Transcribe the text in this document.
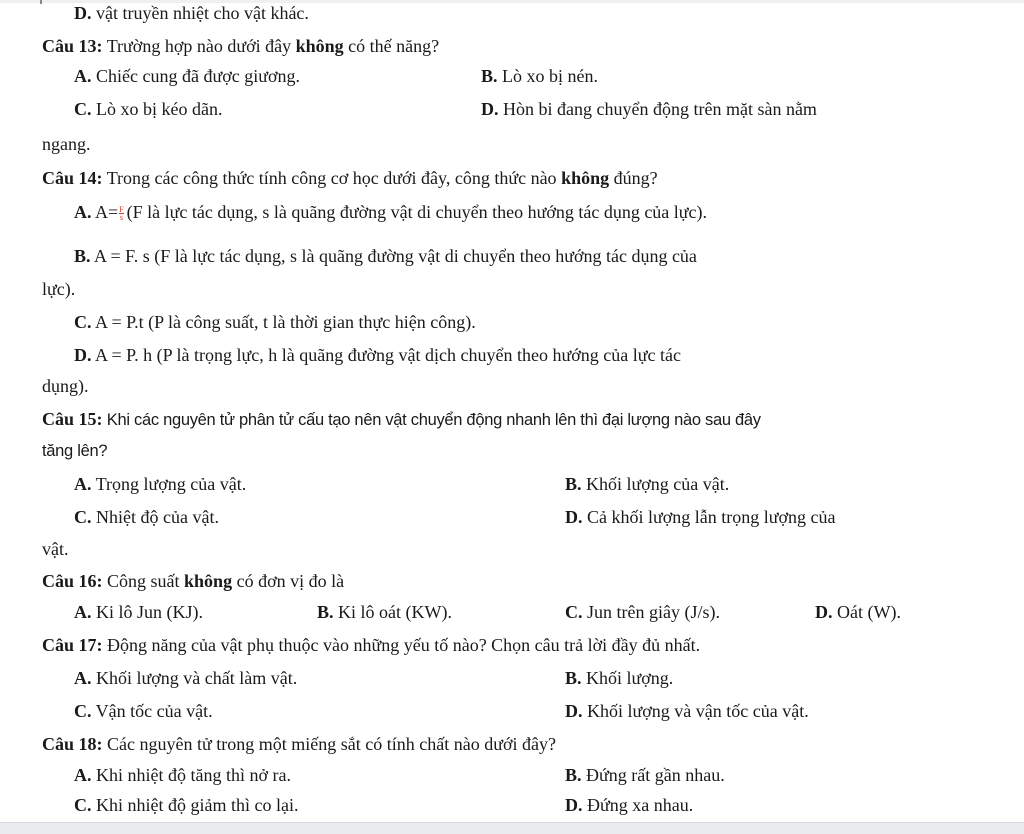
D. vật truyền nhiệt cho vật khác.
Câu 13: Trường hợp nào dưới đây không có thế năng?
A. Chiếc cung đã được giương.	B. Lò xo bị nén.
C. Lò xo bị kéo dãn.	D. Hòn bi đang chuyển động trên mặt sàn nằm
ngang.
Câu 14: Trong các công thức tính công cơ học dưới đây, công thức nào không đúng?
A. $A= \frac{F}{s} (F$ là lực tác dụng, s là quãng đường vật di chuyển theo hướng tác dụng của lực).
B. A = F. s (F là lực tác dụng, s là quãng đường vật di chuyển theo hướng tác dụng của
lực).
C. A = P.t (P là công suất, t là thời gian thực hiện công).
D. A = P. h (P là trọng lực, h là quãng đường vật dịch chuyển theo hướng của lực tác
dụng).
Câu 15: Khi các nguyên tử phân tử cấu tạo nên vật chuyển động nhanh lên thì đại lượng nào sau đây
tăng lên?
A. Trọng lượng của vật.	B. Khối lượng của vật.
C. Nhiệt độ của vật.	D. Cả khối lượng lẫn trọng lượng của
vật.
Câu 16: Công suất không có đơn vị đo là
A. Ki lô Jun (KJ).	B. Ki lô oát (KW).	C. Jun trên giây (J/s).	D. Oát (W).
Câu 17: Động năng của vật phụ thuộc vào những yếu tố nào? Chọn câu trả lời đầy đủ nhất.
A. Khối lượng và chất làm vật.	B. Khối lượng.
C. Vận tốc của vật.	D. Khối lượng và vận tốc của vật.
Câu 18: Các nguyên tử trong một miếng sắt có tính chất nào dưới đây?
A. Khi nhiệt độ tăng thì nở ra.	B. Đứng rất gần nhau.
C. Khi nhiệt độ giảm thì co lại.	D. Đứng xa nhau.
